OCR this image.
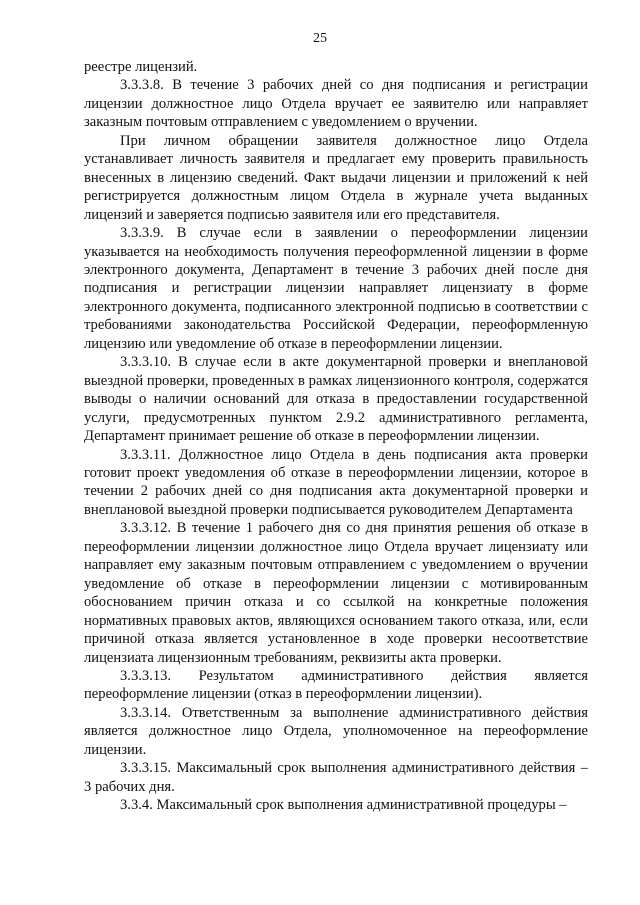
25

реестре лицензий.

3.3.3.8. В течение 3 рабочих дней со дня подписания и регистрации лицензии должностное лицо Отдела вручает ее заявителю или направляет заказным почтовым отправлением с уведомлением о вручении.

При личном обращении заявителя должностное лицо Отдела устанавливает личность заявителя и предлагает ему проверить правильность внесенных в лицензию сведений. Факт выдачи лицензии и приложений к ней регистрируется должностным лицом Отдела в журнале учета выданных лицензий и заверяется подписью заявителя или его представителя.

3.3.3.9. В случае если в заявлении о переоформлении лицензии указывается на необходимость получения переоформленной лицензии в форме электронного документа, Департамент в течение 3 рабочих дней после дня подписания и регистрации лицензии направляет лицензиату в форме электронного документа, подписанного электронной подписью в соответствии с требованиями законодательства Российской Федерации, переоформленную лицензию или уведомление об отказе в переоформлении лицензии.

3.3.3.10. В случае если в акте документарной проверки и внеплановой выездной проверки, проведенных в рамках лицензионного контроля, содержатся выводы о наличии оснований для отказа в предоставлении государственной услуги, предусмотренных пунктом 2.9.2 административного регламента, Департамент принимает решение об отказе в переоформлении лицензии.

3.3.3.11. Должностное лицо Отдела в день подписания акта проверки готовит проект уведомления об отказе в переоформлении лицензии, которое в течении 2 рабочих дней со дня подписания акта документарной проверки и внеплановой выездной проверки подписывается руководителем Департамента

3.3.3.12. В течение 1 рабочего дня со дня принятия решения об отказе в переоформлении лицензии должностное лицо Отдела вручает лицензиату или направляет ему заказным почтовым отправлением с уведомлением о вручении уведомление об отказе в переоформлении лицензии с мотивированным обоснованием причин отказа и со ссылкой на конкретные положения нормативных правовых актов, являющихся основанием такого отказа, или, если причиной отказа является установленное в ходе проверки несоответствие лицензиата лицензионным требованиям, реквизиты акта проверки.

3.3.3.13. Результатом административного действия является переоформление лицензии (отказ в переоформлении лицензии).

3.3.3.14. Ответственным за выполнение административного действия является должностное лицо Отдела, уполномоченное на переоформление лицензии.

3.3.3.15. Максимальный срок выполнения административного действия – 3 рабочих дня.

3.3.4. Максимальный срок выполнения административной процедуры –
